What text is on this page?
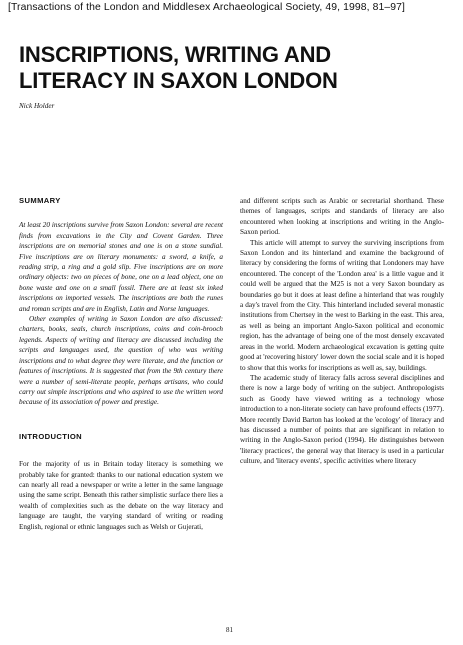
[Transactions of the London and Middlesex Archaeological Society, 49, 1998, 81–97]
INSCRIPTIONS, WRITING AND
LITERACY IN SAXON LONDON
Nick Holder
SUMMARY

At least 20 inscriptions survive from Saxon London: several are recent finds from excavations in the City and Covent Garden. Three inscriptions are on memorial stones and one is on a stone sundial. Five inscriptions are on literary monuments: a sword, a knife, a reading strip, a ring and a gold slip. Five inscriptions are on more ordinary objects: two on pieces of bone, one on a lead object, one on bone waste and one on a small fossil. There are at least six inked inscriptions on imported vessels. The inscriptions are both the runes and roman scripts and are in English, Latin and Norse languages.

Other examples of writing in Saxon London are also discussed: charters, books, seals, church inscriptions, coins and coin-brooch legends. Aspects of writing and literacy are discussed including the scripts and languages used, the question of who was writing inscriptions and to what degree they were literate, and the function or features of inscriptions. It is suggested that from the 9th century there were a number of semi-literate people, perhaps artisans, who could carry out simple inscriptions and who aspired to use the written word because of its association of power and prestige.

INTRODUCTION

For the majority of us in Britain today literacy is something we probably take for granted: thanks to our national education system we can nearly all read a newspaper or write a letter in the same language using the same script. Beneath this rather simplistic surface there lies a wealth of complexities such as the debate on the way literacy and language are taught, the varying standard of writing or reading English, regional or ethnic languages such as Welsh or Gujerati,

and different scripts such as Arabic or secretarial shorthand. These themes of languages, scripts and standards of literacy are also encountered when looking at inscriptions and writing in the Anglo-Saxon period.

This article will attempt to survey the surviving inscriptions from Saxon London and its hinterland and examine the background of literacy by considering the forms of writing that Londoners may have encountered. The concept of the 'London area' is a little vague and it could well be argued that the M25 is not a very Saxon boundary as boundaries go but it does at least define a hinterland that was roughly a day's travel from the City. This hinterland included several monastic institutions from Chertsey in the west to Barking in the east. This area, as well as being an important Anglo-Saxon political and economic region, has the advantage of being one of the most densely excavated areas in the world. Modern archaeological excavation is getting quite good at 'recovering history' lower down the social scale and it is hoped to show that this works for inscriptions as well as, say, buildings.

The academic study of literacy falls across several disciplines and there is now a large body of writing on the subject. Anthropologists such as Goody have viewed writing as a technology whose introduction to a non-literate society can have profound effects (1977). More recently David Barton has looked at the 'ecology' of literacy and has discussed a number of points that are significant in relation to writing in the Anglo-Saxon period (1994). He distinguishes between 'literacy practices', the general way that literacy is used in a particular culture, and 'literacy events', specific activities where literacy

81
